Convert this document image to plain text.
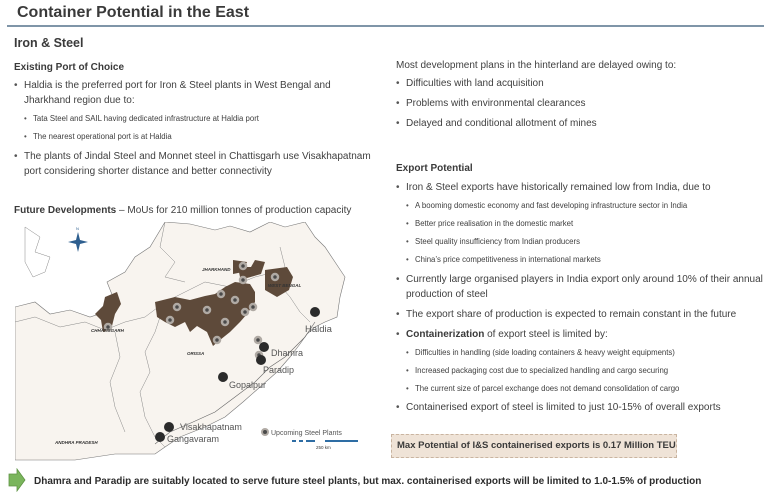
Container Potential in the East
Iron & Steel
Existing Port of Choice

• Haldia is the preferred port for Iron & Steel plants in West Bengal and Jharkhand region due to:

• Tata Steel and SAIL having dedicated infrastructure at Haldia port

• The nearest operational port is at Haldia

• The plants of Jindal Steel and Monnet steel in Chattisgarh use Visakhapatnam port considering shorter distance and better connectivity

Future Developments – MoUs for 210 million tonnes of production capacity
Haldia
Dhamra
Paradip
Gopalpur
Visakhapatnam
Gangavaram
JHARKHAND
WEST BENGAL
CHHATISGARH
ORISSA
ANDHRA PRADESH
N
Upcoming Steel Plants
250 km
Most development plans in the hinterland are delayed owing to:

• Difficulties with land acquisition

• Problems with environmental clearances

• Delayed and conditional allotment of mines

Export Potential

• Iron & Steel exports have historically remained low from India, due to

• A booming domestic economy and fast developing infrastructure sector in India

• Better price realisation in the domestic market

• Steel quality insufficiency from Indian producers

• China’s price competitiveness in international markets

• Currently large organised players in India export only around 10% of their annual production of steel

• The export share of production is expected to remain constant in the future

• Containerization of export steel is limited by:

• Difficulties in handling (side loading containers & heavy weight equipments)

• Increased packaging cost due to specialized handling and cargo securing

• The current size of parcel exchange does not demand consolidation of cargo

• Containerised export of steel is limited to just 10-15% of overall exports

Max Potential of I&S containerised exports is 0.17 Million TEU
Dhamra and Paradip are suitably located to serve future steel plants, but max. containerised exports will be limited to 1.0-1.5% of production
